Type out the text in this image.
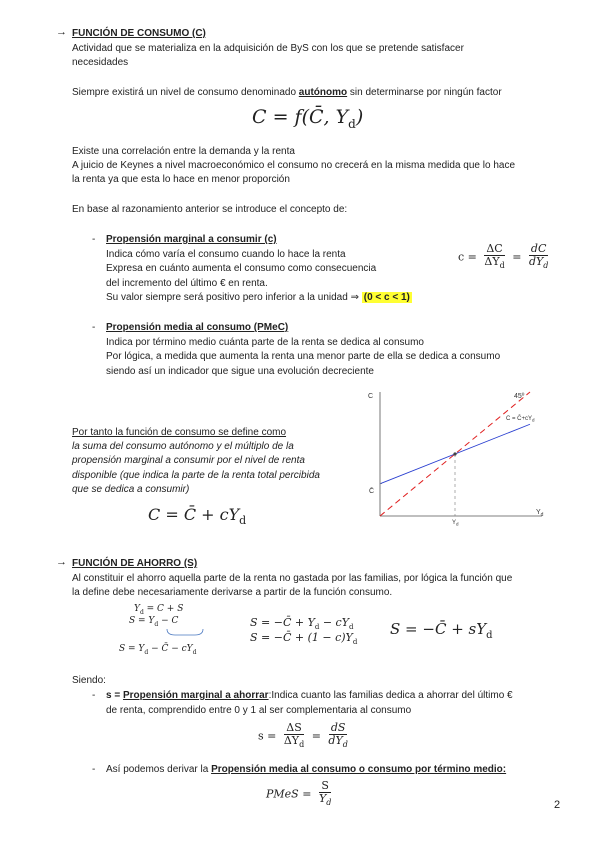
→ FUNCIÓN DE CONSUMO (C)
Actividad que se materializa en la adquisición de ByS con los que se pretende satisfacer
necesidades
Siempre existirá un nivel de consumo denominado autónomo sin determinarse por ningún factor
C = f(C̄, $Y_d$)
Existe una correlación entre la demanda y la renta
A juicio de Keynes a nivel macroeconómico el consumo no crecerá en la misma medida que lo hace
la renta ya que esta lo hace en menor proporción
En base al razonamiento anterior se introduce el concepto de:
- Propensión marginal a consumir (c)
Indica cómo varía el consumo cuando lo hace la renta
Expresa en cuánto aumenta el consumo como consecuencia
del incremento del último € en renta.
Su valor siempre será positivo pero inferior a la unidad ⇒ (0 < c < 1)
$c = \frac{\Delta C}{\Delta Y_d} = \frac{dC}{dY_d}$
- Propensión media al consumo (PMeC)
Indica por término medio cuánta parte de la renta se dedica al consumo
Por lógica, a medida que aumenta la renta una menor parte de ella se dedica a consumo
siendo así un indicador que sigue una evolución decreciente
Por tanto la función de consumo se define como
la suma del consumo autónomo y el múltiplo de la
propensión marginal a consumir por el nivel de renta
disponible (que indica la parte de la renta total percibida
que se dedica a consumir)
C = C̄ + $cY_d$
C
$Y_d$
45º
$C = C̄+cY_d$
C̄
$Y_d$
→ FUNCIÓN DE AHORRO (S)
Al constituir el ahorro aquella parte de la renta no gastada por las familias, por lógica la función que
la define debe necesariamente derivarse a partir de la función consumo.
$Y_d = C + S$
$S = Y_d - C$
$S = Y_d$ − C̄ − $cY_d$
S = −C̄ + $Y_d - cY_d$
S = −C̄ + $(1 - c)Y_d$
S = −C̄ + $sY_d$
Siendo:
- s = Propensión marginal a ahorrar:Indica cuanto las familias dedica a ahorrar del último €
de renta, comprendido entre 0 y 1 al ser complementaria al consumo
$s = \frac{\Delta S}{\Delta Y_d} = \frac{dS}{dY_d}$
- Así podemos derivar la Propensión media al consumo o consumo por término medio:
PMeS = $\frac{S}{Y_d}$	2
